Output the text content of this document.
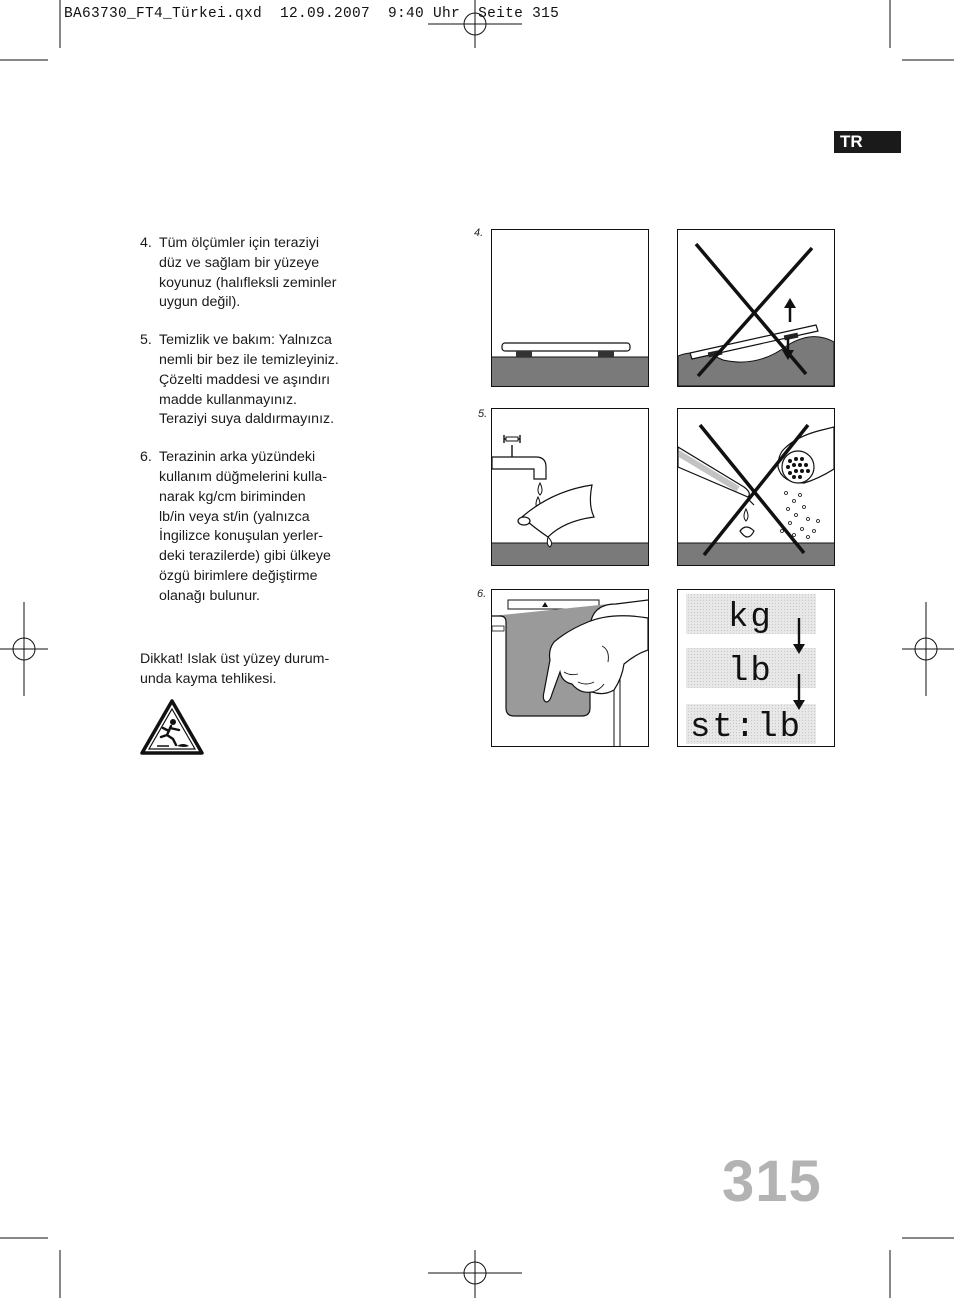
BA63730_FT4_Türkei.qxd  12.09.2007  9:40 Uhr  Seite 315
TR
4. Tüm ölçümler için teraziyi
düz ve sağlam bir yüzeye
koyunuz (halıfleksli zeminler
uygun değil).
5. Temizlik ve bakım: Yalnızca
nemli bir bez ile temizleyiniz.
Çözelti maddesi ve aşındırı
madde kullanmayınız.
Teraziyi suya daldırmayınız.
6. Terazinin arka yüzündeki
kullanım düğmelerini kulla-
narak kg/cm biriminden
lb/in veya st/in (yalnızca
İngilizce konuşulan yerler-
deki terazilerde) gibi ülkeye
özgü birimlere değiştirme
olanağı bulunur.
Dikkat! Islak üst yüzey durum-
unda kayma tehlikesi.
4.
5.
6.
kg
lb
st:lb
315
